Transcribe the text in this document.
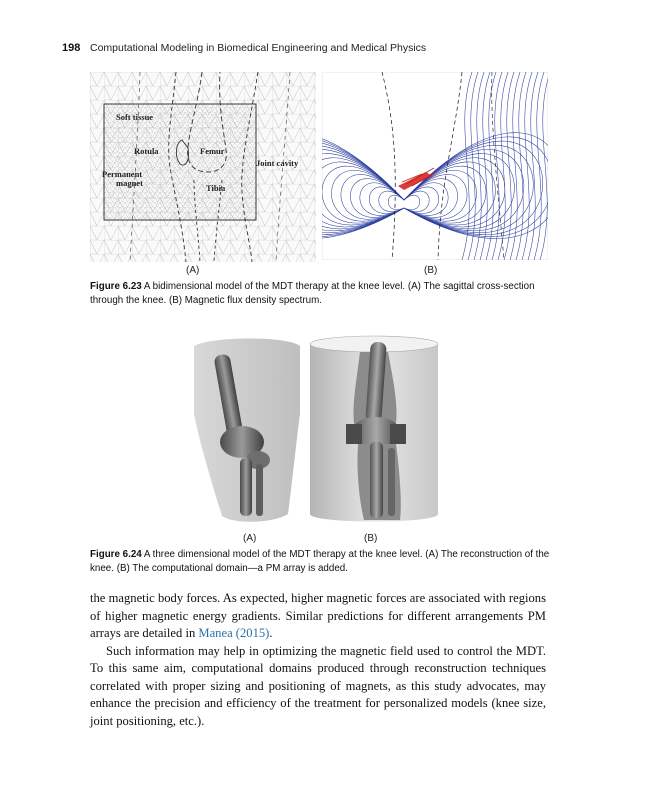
198 Computational Modeling in Biomedical Engineering and Medical Physics
Soft tissue
Rotula	Femur
Joint cavity
Permanent
magnet	Tibia
(A)	(B)
Figure 6.23 A bidimensional model of the MDT therapy at the knee level. (A) The sagittal cross-section through the knee. (B) Magnetic flux density spectrum.
(A)	(B)
Figure 6.24 A three dimensional model of the MDT therapy at the knee level. (A) The reconstruction of the knee. (B) The computational domain—a PM array is added.

the magnetic body forces. As expected, higher magnetic forces are associated with regions of higher magnetic energy gradients. Similar predictions for different arrangements PM arrays are detailed in Manea (2015).

Such information may help in optimizing the magnetic field used to control the MDT. To this same aim, computational domains produced through reconstruction techniques correlated with proper sizing and positioning of magnets, as this study advocates, may enhance the precision and efficiency of the treatment for personalized models (knee size, joint positioning, etc.).
